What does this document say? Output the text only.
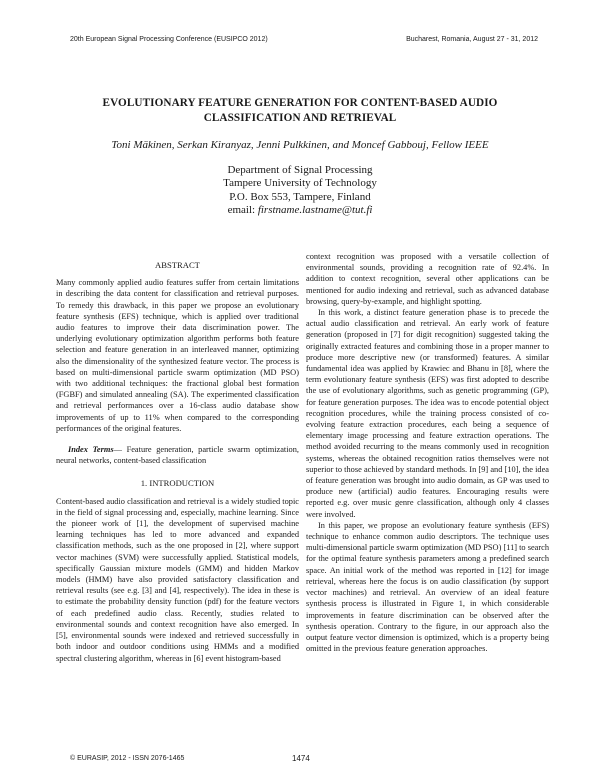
20th European Signal Processing Conference (EUSIPCO 2012)	Bucharest, Romania, August 27 - 31, 2012
EVOLUTIONARY FEATURE GENERATION FOR CONTENT-BASED AUDIO
CLASSIFICATION AND RETRIEVAL
Toni Mäkinen, Serkan Kiranyaz, Jenni Pulkkinen, and Moncef Gabbouj, Fellow IEEE
Department of Signal Processing
Tampere University of Technology
P.O. Box 553, Tampere, Finland
email: firstname.lastname@tut.fi
ABSTRACT

Many commonly applied audio features suffer from certain limitations in describing the data content for classification and retrieval purposes. To remedy this drawback, in this paper we propose an evolutionary feature synthesis (EFS) technique, which is applied over traditional audio features to improve their data discrimination power. The underlying evolutionary optimization algorithm performs both feature selection and feature generation in an interleaved manner, optimizing also the dimensionality of the synthesized feature vector. The process is based on multi-dimensional particle swarm optimization (MD PSO) with two additional techniques: the fractional global best formation (FGBF) and simulated annealing (SA). The experimented classification and retrieval performances over a 16-class audio database show improvements of up to 11% when compared to the corresponding performances of the original features.

Index Terms— Feature generation, particle swarm optimization, neural networks, content-based classification

1. INTRODUCTION

Content-based audio classification and retrieval is a widely studied topic in the field of signal processing and, especially, machine learning. Since the pioneer work of [1], the development of supervised machine learning techniques has led to more advanced and expanded classification methods, such as the one proposed in [2], where support vector machines (SVM) were successfully applied. Statistical models, specifically Gaussian mixture models (GMM) and hidden Markov models (HMM) have also provided satisfactory classification and retrieval results (see e.g. [3] and [4], respectively). The idea in these is to estimate the probability density function (pdf) for the feature vectors of each predefined audio class. Recently, studies related to environmental sounds and context recognition have also emerged. In [5], environmental sounds were indexed and retrieved successfully in both indoor and outdoor conditions using HMMs and a modified spectral clustering algorithm, whereas in [6] event histogram-based

context recognition was proposed with a versatile collection of environmental sounds, providing a recognition rate of 92.4%. In addition to context recognition, several other applications can be mentioned for audio indexing and retrieval, such as advanced database browsing, query-by-example, and highlight spotting.

In this work, a distinct feature generation phase is to precede the actual audio classification and retrieval. An early work of feature generation (proposed in [7] for digit recognition) suggested taking the originally extracted features and combining those in a proper manner to produce more descriptive new (or transformed) features. A similar fundamental idea was applied by Krawiec and Bhanu in [8], where the term evolutionary feature synthesis (EFS) was first adopted to describe the use of evolutionary algorithms, such as genetic programming (GP), for feature generation purposes. The idea was to encode potential object recognition procedures, while the training process consisted of co-evolving feature extraction procedures, each being a sequence of elementary image processing and feature extraction operations. The method avoided recurring to the means commonly used in recognition systems, whereas the obtained recognition ratios themselves were not superior to those achieved by standard methods. In [9] and [10], the idea of feature generation was brought into audio domain, as GP was used to produce new (artificial) audio features. Encouraging results were reported e.g. over music genre classification, although only 4 classes were involved.

In this paper, we propose an evolutionary feature synthesis (EFS) technique to enhance common audio descriptors. The technique uses multi-dimensional particle swarm optimization (MD PSO) [11] to search for the optimal feature synthesis parameters among a predefined search space. An initial work of the method was reported in [12] for image retrieval, whereas here the focus is on audio classification (by support vector machines) and retrieval. An overview of an ideal feature synthesis process is illustrated in Figure 1, in which considerable improvements in feature discrimination can be observed after the synthesis operation. Contrary to the figure, in our approach also the output feature vector dimension is optimized, which is a property being omitted in the previous feature generation approaches.

© EURASIP, 2012 - ISSN 2076-1465	1474
